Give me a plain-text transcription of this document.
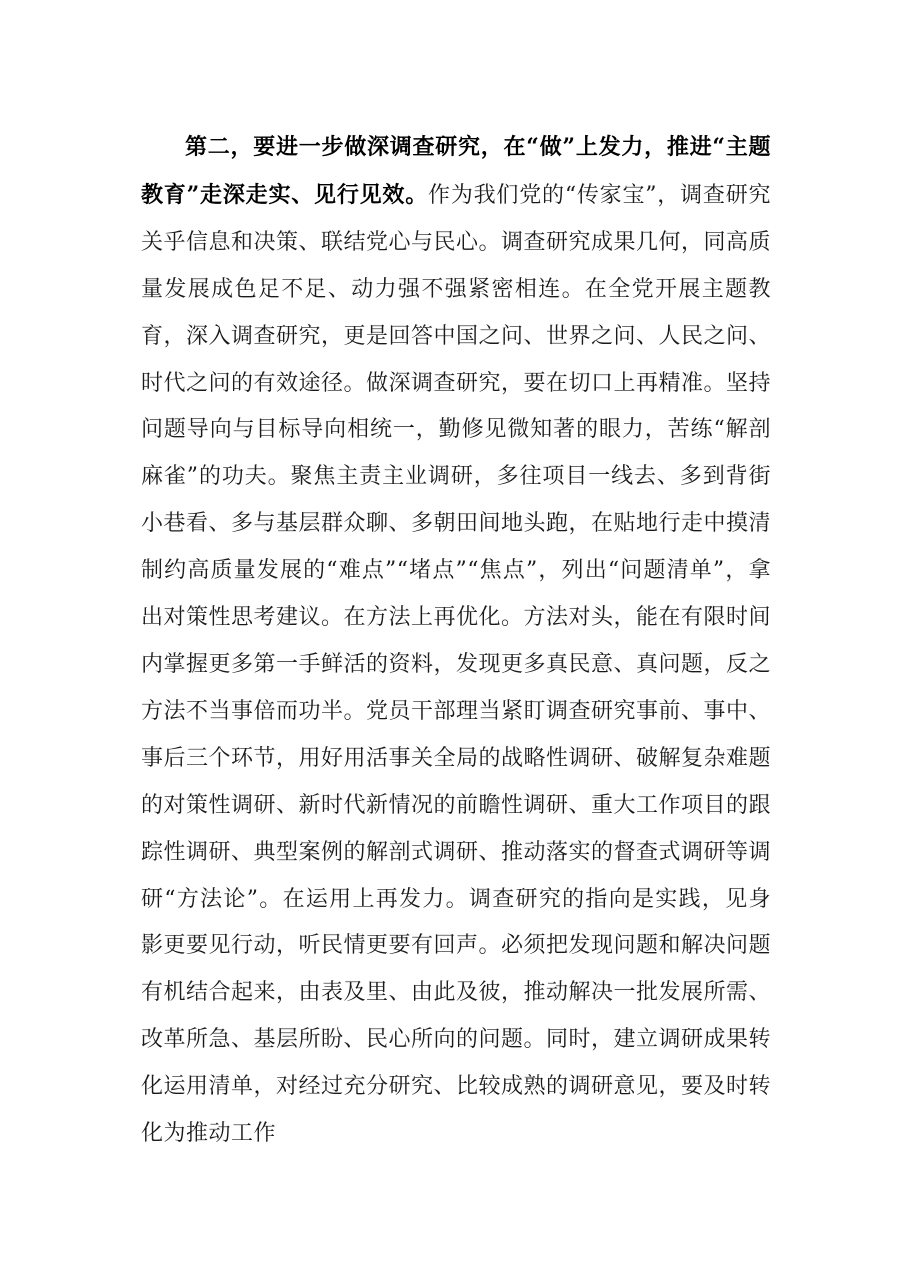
第二，要进一步做深调查研究，在“做”上发力，推进“主题教育”走深走实、见行见效。作为我们党的“传家宝”，调查研究关乎信息和决策、联结党心与民心。调查研究成果几何，同高质量发展成色足不足、动力强不强紧密相连。在全党开展主题教育，深入调查研究，更是回答中国之问、世界之问、人民之问、时代之问的有效途径。做深调查研究，要在切口上再精准。坚持问题导向与目标导向相统一，勤修见微知著的眼力，苦练“解剖麻雀”的功夫。聚焦主责主业调研，多往项目一线去、多到背街小巷看、多与基层群众聊、多朝田间地头跑，在贴地行走中摸清制约高质量发展的“难点”“堵点”“焦点”，列出“问题清单”，拿出对策性思考建议。在方法上再优化。方法对头，能在有限时间内掌握更多第一手鲜活的资料，发现更多真民意、真问题，反之方法不当事倍而功半。党员干部理当紧盯调查研究事前、事中、事后三个环节，用好用活事关全局的战略性调研、破解复杂难题的对策性调研、新时代新情况的前瞻性调研、重大工作项目的跟踪性调研、典型案例的解剖式调研、推动落实的督查式调研等调研“方法论”。在运用上再发力。调查研究的指向是实践，见身影更要见行动，听民情更要有回声。必须把发现问题和解决问题有机结合起来，由表及里、由此及彼，推动解决一批发展所需、改革所急、基层所盼、民心所向的问题。同时，建立调研成果转化运用清单，对经过充分研究、比较成熟的调研意见，要及时转化为推动工作
